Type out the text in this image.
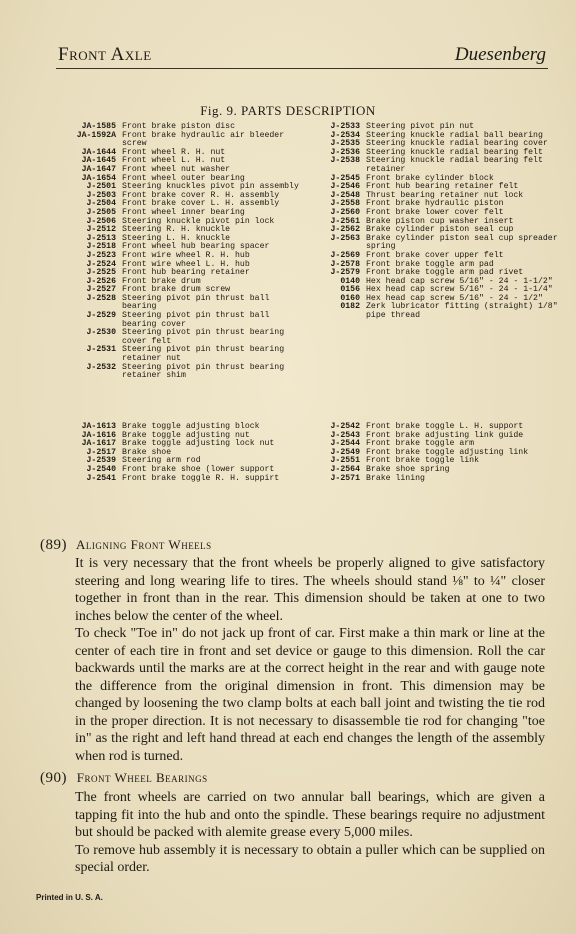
Front Axle	Duesenberg
Fig. 9. PARTS DESCRIPTION
JA-1585 Front brake piston disc
JA-1592A Front brake hydraulic air bleeder screw
JA-1644 Front wheel R. H. nut
JA-1645 Front wheel L. H. nut
JA-1647 Front wheel nut washer
JA-1654 Front wheel outer bearing
J-2501 Steering knuckles pivot pin assembly
J-2503 Front brake cover R. H. assembly
J-2504 Front brake cover L. H. assembly
J-2505 Front wheel inner bearing
J-2506 Steering knuckle pivot pin lock
J-2512 Steering R. H. knuckle
J-2513 Steering L. H. knuckle
J-2518 Front wheel hub bearing spacer
J-2523 Front wire wheel R. H. hub
J-2524 Front wire wheel L. H. hub
J-2525 Front hub bearing retainer
J-2526 Front brake drum
J-2527 Front brake drum screw
J-2528 Steering pivot pin thrust ball bearing
J-2529 Steering pivot pin thrust ball bearing cover
J-2530 Steering pivot pin thrust bearing cover felt
J-2531 Steering pivot pin thrust bearing retainer nut
J-2532 Steering pivot pin thrust bearing retainer shim
J-2533 Steering pivot pin nut
J-2534 Steering knuckle radial ball bearing
J-2535 Steering knuckle radial bearing cover
J-2536 Steering knuckle radial bearing felt
J-2538 Steering knuckle radial bearing felt retainer
J-2545 Front brake cylinder block
J-2546 Front hub bearing retainer felt
J-2548 Thrust bearing retainer nut lock
J-2558 Front brake hydraulic piston
J-2560 Front brake lower cover felt
J-2561 Brake piston cup washer insert
J-2562 Brake cylinder piston seal cup
J-2563 Brake cylinder piston seal cup spreader spring
J-2569 Front brake cover upper felt
J-2578 Front brake toggle arm pad
J-2579 Front brake toggle arm pad rivet
0140 Hex head cap screw 5/16" - 24 - 1-1/2"
0156 Hex head cap screw 5/16" - 24 - 1-1/4"
0160 Hex head cap screw 5/16" - 24 - 1/2"
0182 Zerk lubricator fitting (straight) 1/8" pipe thread
JA-1613 Brake toggle adjusting block
JA-1616 Brake toggle adjusting nut
JA-1617 Brake toggle adjusting lock nut
J-2517 Brake shoe
J-2539 Steering arm rod
J-2540 Front brake shoe (lower support
J-2541 Front brake toggle R. H. suppirt
J-2542 Front brake toggle L. H. support
J-2543 Front brake adjusting link guide
J-2544 Front brake toggle arm
J-2549 Front brake toggle adjusting link
J-2551 Front brake toggle link
J-2564 Brake shoe spring
J-2571 Brake lining
(89) Aligning Front Wheels

It is very necessary that the front wheels be properly aligned to give satisfactory steering and long wearing life to tires. The wheels should stand ⅛" to ¼" closer together in front than in the rear. This dimension should be taken at one to two inches below the center of the wheel.

To check "Toe in" do not jack up front of car. First make a thin mark or line at the center of each tire in front and set device or gauge to this dimension. Roll the car backwards until the marks are at the correct height in the rear and with gauge note the difference from the original dimension in front. This dimension may be changed by loosening the two clamp bolts at each ball joint and twisting the tie rod in the proper direction. It is not necessary to disassemble tie rod for changing "toe in" as the right and left hand thread at each end changes the length of the assembly when rod is turned.

(90) Front Wheel Bearings

The front wheels are carried on two annular ball bearings, which are given a tapping fit into the hub and onto the spindle. These bearings require no adjustment but should be packed with alemite grease every 5,000 miles.

To remove hub assembly it is necessary to obtain a puller which can be supplied on special order.

Printed in U. S. A.
